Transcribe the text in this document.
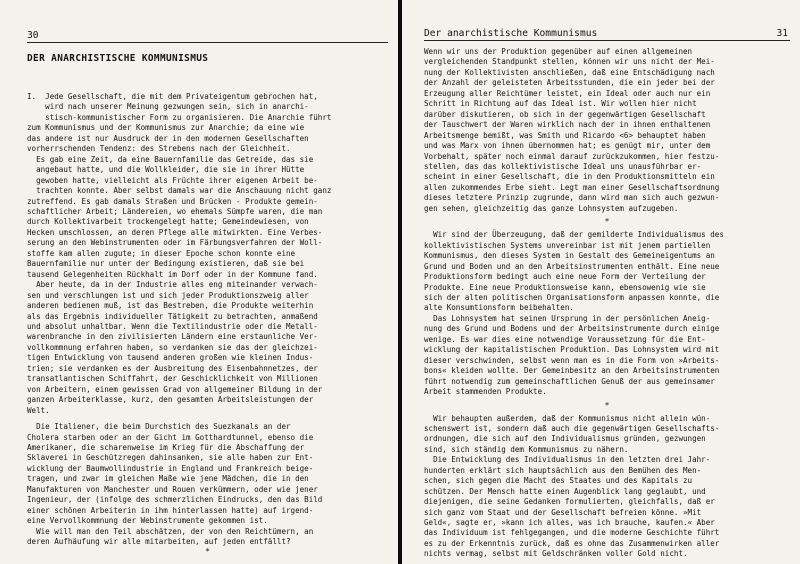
30
DER ANARCHISTISCHE KOMMUNISMUS

I.  Jede Gesellschaft, die mit dem Privateigentum gebrochen hat,

wird nach unserer Meinung gezwungen sein, sich in anarchi-

stisch-kommunistischer Form zu organisieren. Die Anarchie führt

zum Kommunismus und der Kommunismus zur Anarchie; da eine wie

das andere ist nur Ausdruck der in den modernen Gesellschaften

vorherrschenden Tendenz: des Strebens nach der Gleichheit.

Es gab eine Zeit, da eine Bauernfamilie das Getreide, das sie

angebaut hatte, und die Wollkleider, die sie in ihrer Hütte

gewoben hatte, vielleicht als Früchte ihrer eigenen Arbeit be-

trachten konnte. Aber selbst damals war die Anschauung nicht ganz

zutreffend. Es gab damals Straßen und Brücken - Produkte gemein-

schaftlicher Arbeit; Ländereien, wo ehemals Sümpfe waren, die man

durch Kollektivarbeit trockengelegt hatte; Gemeindewiesen, von

Hecken umschlossen, an deren Pflege alle mitwirkten. Eine Verbes-

serung an den Webinstrumenten oder im Färbungsverfahren der Woll-

stoffe kam allen zugute; in dieser Epoche schon konnte eine

Bauernfamilie nur unter der Bedingung existieren, daß sie bei

tausend Gelegenheiten Rückhalt im Dorf oder in der Kommune fand.

Aber heute, da in der Industrie alles eng miteinander verwach-

sen und verschlungen ist und sich jeder Produktionszweig aller

anderen bedienen muß, ist das Bestreben, die Produkte weiterhin

als das Ergebnis individueller Tätigkeit zu betrachten, anmaßend

und absolut unhaltbar. Wenn die Textilindustrie oder die Metall-

warenbranche in den zivilisierten Ländern eine erstaunliche Ver-

vollkommnung erfahren haben, so verdanken sie das der gleichzei-

tigen Entwicklung von tausend anderen großen wie kleinen Indus-

trien; sie verdanken es der Ausbreitung des Eisenbahnnetzes, der

transatlantischen Schiffahrt, der Geschicklichkeit von Millionen

von Arbeitern, einem gewissen Grad von allgemeiner Bildung in der

ganzen Arbeiterklasse, kurz, den gesamten Arbeitsleistungen der

Welt.

Die Italiener, die beim Durchstich des Suezkanals an der

Cholera starben oder an der Gicht im Gotthardtunnel, ebenso die

Amerikaner, die scharenweise im Krieg für die Abschaffung der

Sklaverei in Geschützregen dahinsanken, sie alle haben zur Ent-

wicklung der Baumwollindustrie in England und Frankreich beige-

tragen, und zwar im gleichen Maße wie jene Mädchen, die in den

Manufakturen von Manchester und Rouen verkümmern, oder wie jener

Ingenieur, der (infolge des schmerzlichen Eindrucks, den das Bild

einer schönen Arbeiterin in ihm hinterlassen hatte) auf irgend-

eine Vervollkommnung der Webinstrumente gekommen ist.

Wie will man den Teil abschätzen, der von den Reichtümern, an

deren Aufhäufung wir alle mitarbeiten, auf jeden entfällt?

*

Der anarchistische Kommunismus	31

Wenn wir uns der Produktion gegenüber auf einen allgemeinen

vergleichenden Standpunkt stellen, können wir uns nicht der Mei-

nung der Kollektivisten anschließen, daß eine Entschädigung nach

der Anzahl der geleisteten Arbeitsstunden, die ein jeder bei der

Erzeugung aller Reichtümer leistet, ein Ideal oder auch nur ein

Schritt in Richtung auf das Ideal ist. Wir wollen hier nicht

darüber diskutieren, ob sich in der gegenwärtigen Gesellschaft

der Tauschwert der Waren wirklich nach der in ihnen enthaltenen

Arbeitsmenge bemißt, was Smith und Ricardo <6> behauptet haben

und was Marx von ihnen übernommen hat; es genügt mir, unter dem

Vorbehalt, später noch einmal darauf zurückzukommen, hier festzu-

stellen, das das kollektivistische Ideal uns unausführbar er-

scheint in einer Gesellschaft, die in den Produktionsmitteln ein

allen zukommendes Erbe sieht. Legt man einer Gesellschaftsordnung

dieses letztere Prinzip zugrunde, dann wird man sich auch gezwun-

gen sehen, gleichzeitig das ganze Lohnsystem aufzugeben.

*

Wir sind der Überzeugung, daß der gemilderte Individualismus des

kollektivistischen Systems unvereinbar ist mit jenem partiellen

Kommunismus, den dieses System in Gestalt des Gemeineigentums an

Grund und Boden und an den Arbeitsinstrumenten enthält. Eine neue

Produktionsform bedingt auch eine neue Form der Verteilung der

Produkte. Eine neue Produktionsweise kann, ebensowenig wie sie

sich der alten politischen Organisationsform anpassen konnte, die

alte Konsumtionsform beibehalten.

Das Lohnsystem hat seinen Ursprung in der persönlichen Aneig-

nung des Grund und Bodens und der Arbeitsinstrumente durch einige

wenige. Es war dies eine notwendige Voraussetzung für die Ent-

wicklung der kapitalistischen Produktion. Das Lohnsystem wird mit

dieser verschwinden, selbst wenn man es in die Form von »Arbeits-

bons« kleiden wollte. Der Gemeinbesitz an den Arbeitsinstrumenten

führt notwendig zum gemeinschaftlichen Genuß der aus gemeinsamer

Arbeit stammenden Produkte.

*

Wir behaupten außerdem, daß der Kommunismus nicht allein wün-

schenswert ist, sondern daß auch die gegenwärtigen Gesellschafts-

ordnungen, die sich auf den Individualismus gründen, gezwungen

sind, sich ständig dem Kommunismus zu nähern.

Die Entwicklung des Individualismus in den letzten drei Jahr-

hunderten erklärt sich hauptsächlich aus den Bemühen des Men-

schen, sich gegen die Macht des Staates und des Kapitals zu

schützen. Der Mensch hatte einen Augenblick lang geglaubt, und

diejenigen, die seine Gedanken formulierten, gleichfalls, daß er

sich ganz vom Staat und der Gesellschaft befreien könne. »Mit

Geld«, sagte er, »kann ich alles, was ich brauche, kaufen.« Aber

das Individuum ist fehlgegangen, und die moderne Geschichte führt

es zu der Erkenntnis zurück, daß es ohne das Zusammenwirken aller

nichts vermag, selbst mit Geldschränken voller Gold nicht.
